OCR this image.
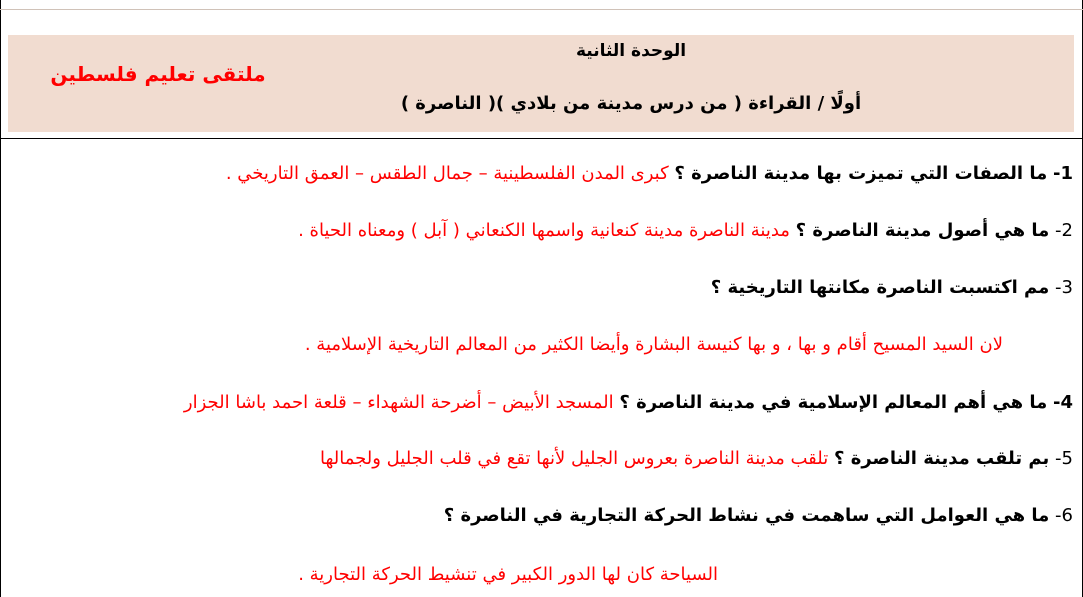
الوحدة الثانية
ملتقى تعليم فلسطين
أولًا / القراءة ( من درس مدينة من بلادي )( الناصرة )
1- ما الصفات التي تميزت بها مدينة الناصرة ؟ كبرى المدن الفلسطينية – جمال الطقس – العمق التاريخي .
2- ما هي أصول مدينة الناصرة ؟ مدينة الناصرة مدينة كنعانية واسمها الكنعاني ( آبل ) ومعناه الحياة .
3- مم اكتسبت الناصرة مكانتها التاريخية ؟
لان السيد المسيح أقام و بها ، و بها كنيسة البشارة وأيضا الكثير من المعالم التاريخية الإسلامية .
4- ما هي أهم المعالم الإسلامية في مدينة الناصرة ؟ المسجد الأبيض – أضرحة الشهداء – قلعة احمد باشا الجزار
5- بم تلقب مدينة الناصرة ؟ تلقب مدينة الناصرة بعروس الجليل لأنها تقع في قلب الجليل ولجمالها
6- ما هي العوامل التي ساهمت في نشاط الحركة التجارية في الناصرة ؟
السياحة كان لها الدور الكبير في تنشيط الحركة التجارية .
